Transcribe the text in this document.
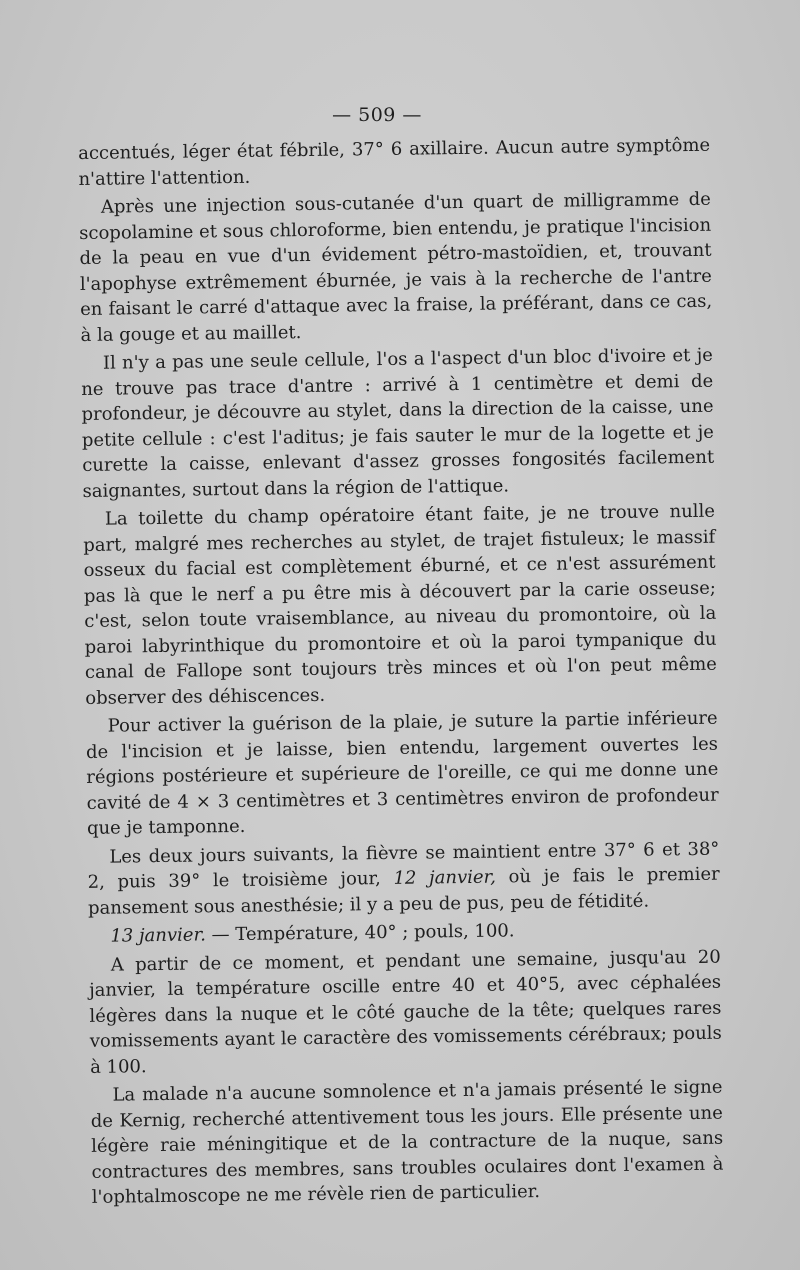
— 509 —

accentués, léger état fébrile, 37° 6 axillaire. Aucun autre symptôme n'attire l'attention.

Après une injection sous-cutanée d'un quart de milligramme de scopolamine et sous chloroforme, bien entendu, je pratique l'incision de la peau en vue d'un évidement pétro-mastoïdien, et, trouvant l'apophyse extrêmement éburnée, je vais à la recherche de l'antre en faisant le carré d'attaque avec la fraise, la préférant, dans ce cas, à la gouge et au maillet.

Il n'y a pas une seule cellule, l'os a l'aspect d'un bloc d'ivoire et je ne trouve pas trace d'antre : arrivé à 1 centimètre et demi de profondeur, je découvre au stylet, dans la direction de la caisse, une petite cellule : c'est l'aditus; je fais sauter le mur de la logette et je curette la caisse, enlevant d'assez grosses fongosités facilement saignantes, surtout dans la région de l'attique.

La toilette du champ opératoire étant faite, je ne trouve nulle part, malgré mes recherches au stylet, de trajet fistuleux; le massif osseux du facial est complètement éburné, et ce n'est assurément pas là que le nerf a pu être mis à découvert par la carie osseuse; c'est, selon toute vraisemblance, au niveau du promontoire, où la paroi labyrinthique du promontoire et où la paroi tympanique du canal de Fallope sont toujours très minces et où l'on peut même observer des déhiscences.

Pour activer la guérison de la plaie, je suture la partie inférieure de l'incision et je laisse, bien entendu, largement ouvertes les régions postérieure et supérieure de l'oreille, ce qui me donne une cavité de 4 × 3 centimètres et 3 centimètres environ de profondeur que je tamponne.

Les deux jours suivants, la fièvre se maintient entre 37° 6 et 38° 2, puis 39° le troisième jour, 12 janvier, où je fais le premier pansement sous anesthésie; il y a peu de pus, peu de fétidité.

13 janvier. — Température, 40° ; pouls, 100.

A partir de ce moment, et pendant une semaine, jusqu'au 20 janvier, la température oscille entre 40 et 40°5, avec céphalées légères dans la nuque et le côté gauche de la tête; quelques rares vomissements ayant le caractère des vomissements cérébraux; pouls à 100.

La malade n'a aucune somnolence et n'a jamais présenté le signe de Kernig, recherché attentivement tous les jours. Elle présente une légère raie méningitique et de la contracture de la nuque, sans contractures des membres, sans troubles oculaires dont l'examen à l'ophtalmoscope ne me révèle rien de particulier.
